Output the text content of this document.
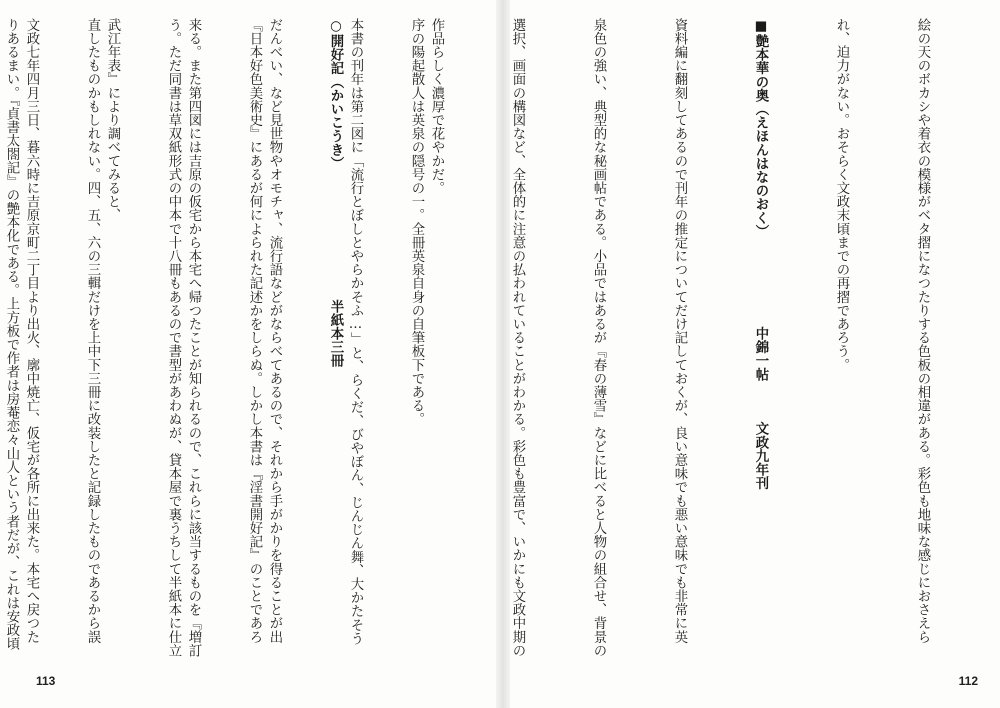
序の陽起散人は英泉の隠号の一。全冊英泉自身の自筆板下である。

○開好記（かいこうき）　　　　　　　　　　半紙本三冊

『日本好色美術史』にあるが何によられた記述かをしらぬ。しかし本書は『淫書開好記』のことであろ

う。ただ同書は草双紙形式の中本で十八冊もあるので書型があわぬが、貸本屋で裏うちして半紙本に仕立

直したものかもしれない。四、五、六の三輯だけを上中下三冊に改装したと記録したものであるから誤

りあるまい。『貞書太閤記』の艶本化である。上方板で作者は房菴恋々山人という者だが、これは安政頃

113

絵の天のボカシや着衣の模様がベタ摺になつたりする色板の相違がある。彩色も地味な感じにおさえら

れ、迫力がない。おそらく文政末頃までの再摺であろう。

■艶本華の奥（えほんはなのおく）　　　　　　　中錦一帖　　　文政九年刊

資料編に翻刻してあるので刊年の推定についてだけ記しておくが、良い意味でも悪い意味でも非常に英

泉色の強い、典型的な秘画帖である。小品ではあるが『春の薄雪』などに比べると人物の組合せ、背景の

選択、画面の構図など、全体的に注意の払われていることがわかる。彩色も豊富で、いかにも文政中期の

作品らしく濃厚で花やかだ。

本書の刊年は第二図に「流行とぼしとやらかそふ…」と、らくだ、びやぼん、じんじん舞、大かたそう

だんべい、など見世物やオモチャ、流行語などがならべてあるので、それから手がかりを得ることが出

来る。また第四図には吉原の仮宅から本宅へ帰つたことが知られるので、これらに該当するものを『増訂

武江年表』により調べてみると、

文政七年四月三日、暮六時に吉原京町二丁目より出火、廓中焼亡、仮宅が各所に出来た。本宅へ戻つた

112
